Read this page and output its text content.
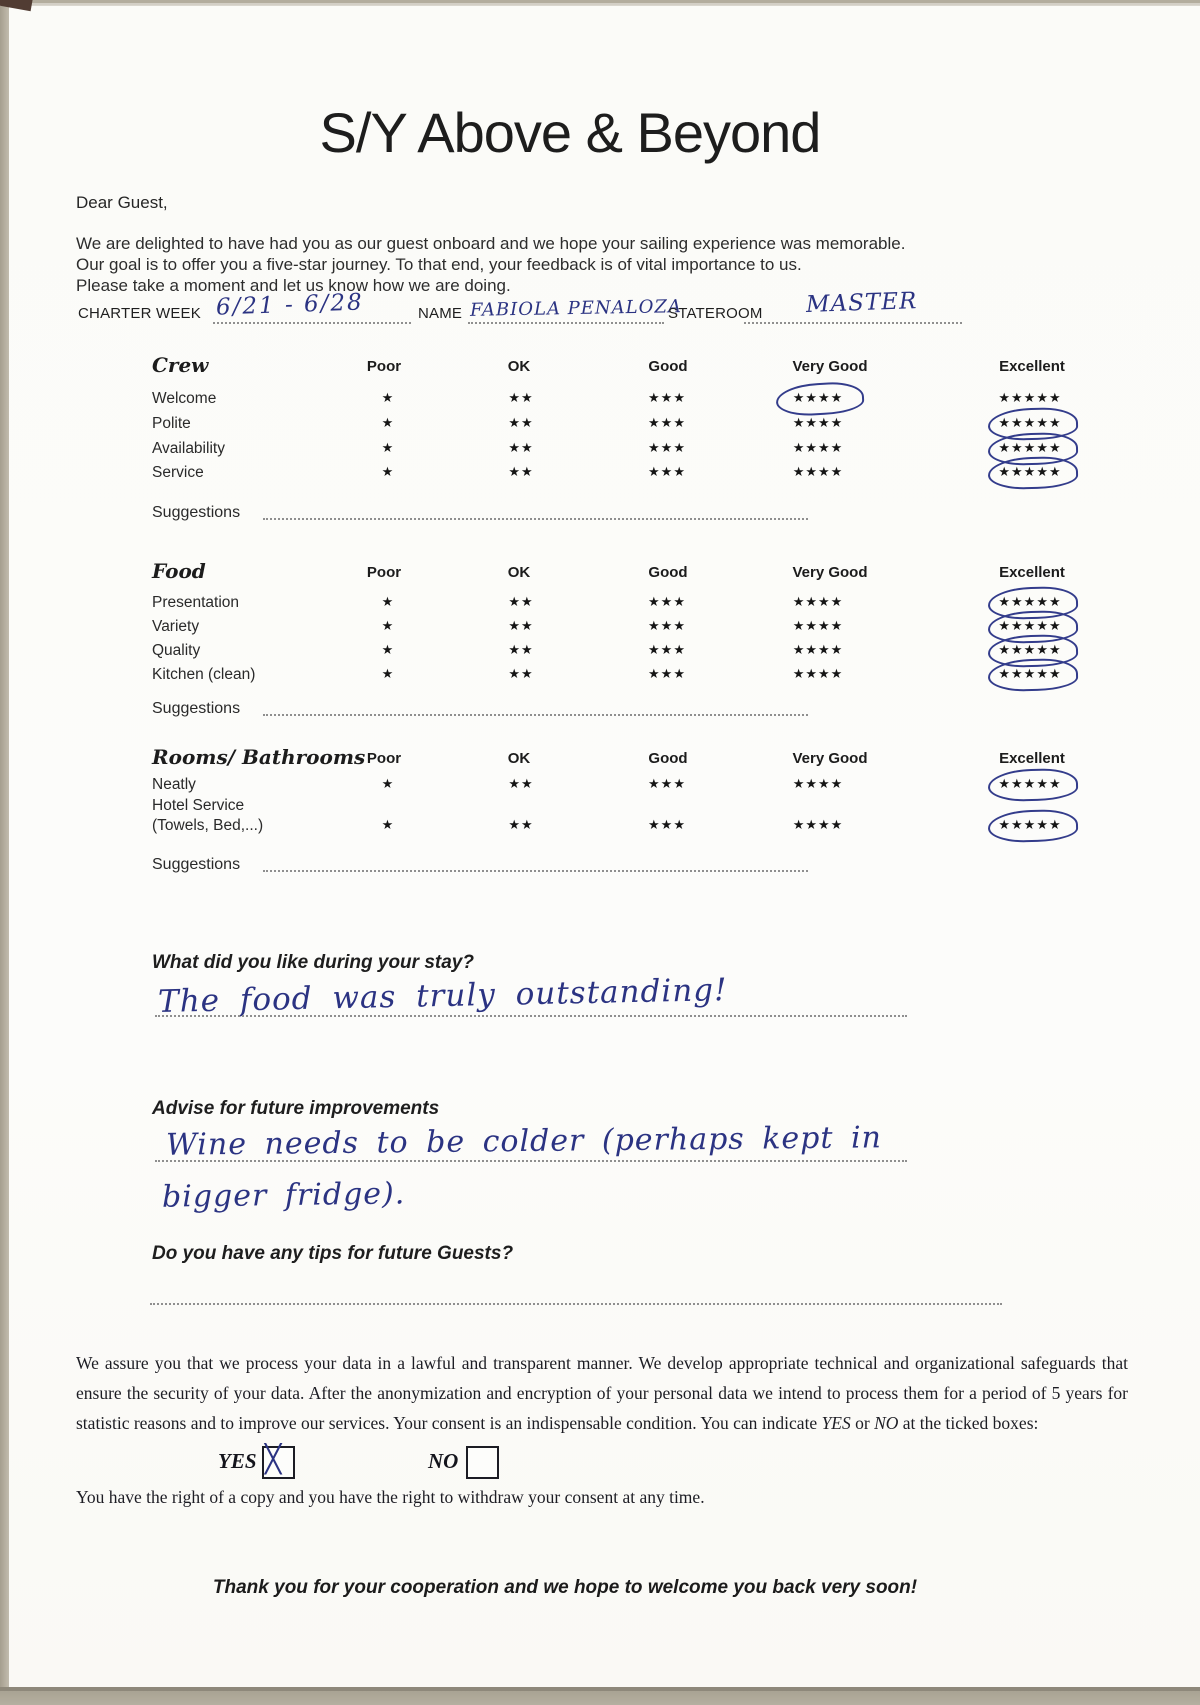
S/Y Above & Beyond
Dear Guest,
We are delighted to have had you as our guest onboard and we hope your sailing experience was memorable.
Our goal is to offer you a five-star journey. To that end, your feedback is of vital importance to us.
Please take a moment and let us know how we are doing.
CHARTER WEEK 6/21 - 6/28	NAME FABIOLA PENALOZA
STATEROOM MASTER
Crew	Poor	OK	Good	Very Good	Excellent
Welcome	★	★★	★★★	★★★★	★★★★★
Polite	★	★★	★★★	★★★★	★★★★★
Availability	★	★★	★★★	★★★★	★★★★★
Service	★	★★	★★★	★★★★	★★★★★
Suggestions
Food	Poor	OK	Good	Very Good	Excellent
Presentation	★	★★	★★★	★★★★	★★★★★
Variety	★	★★	★★★	★★★★	★★★★★
Quality	★	★★	★★★	★★★★	★★★★★
Kitchen (clean)	★	★★	★★★	★★★★	★★★★★
Suggestions
Rooms/ Bathrooms Poor	OK	Good	Very Good	Excellent
Neatly	★	★★	★★★	★★★★	★★★★★
Hotel Service
(Towels, Bed,...)	★	★★	★★★	★★★★	★★★★★
Suggestions
What did you like during your stay?
The food was truly outstanding!
Advise for future improvements
Wine needs to be colder (perhaps kept in
bigger fridge).
Do you have any tips for future Guests?
We assure you that we process your data in a lawful and transparent manner. We develop appropriate technical and organizational safeguards that ensure the security of your data. After the anonymization and encryption of your personal data we intend to process them for a period of 5 years for statistic reasons and to improve our services. Your consent is an indispensable condition. You can indicate YES or NO at the ticked boxes:
YES ╳	NO
You have the right of a copy and you have the right to withdraw your consent at any time.
Thank you for your cooperation and we hope to welcome you back very soon!
